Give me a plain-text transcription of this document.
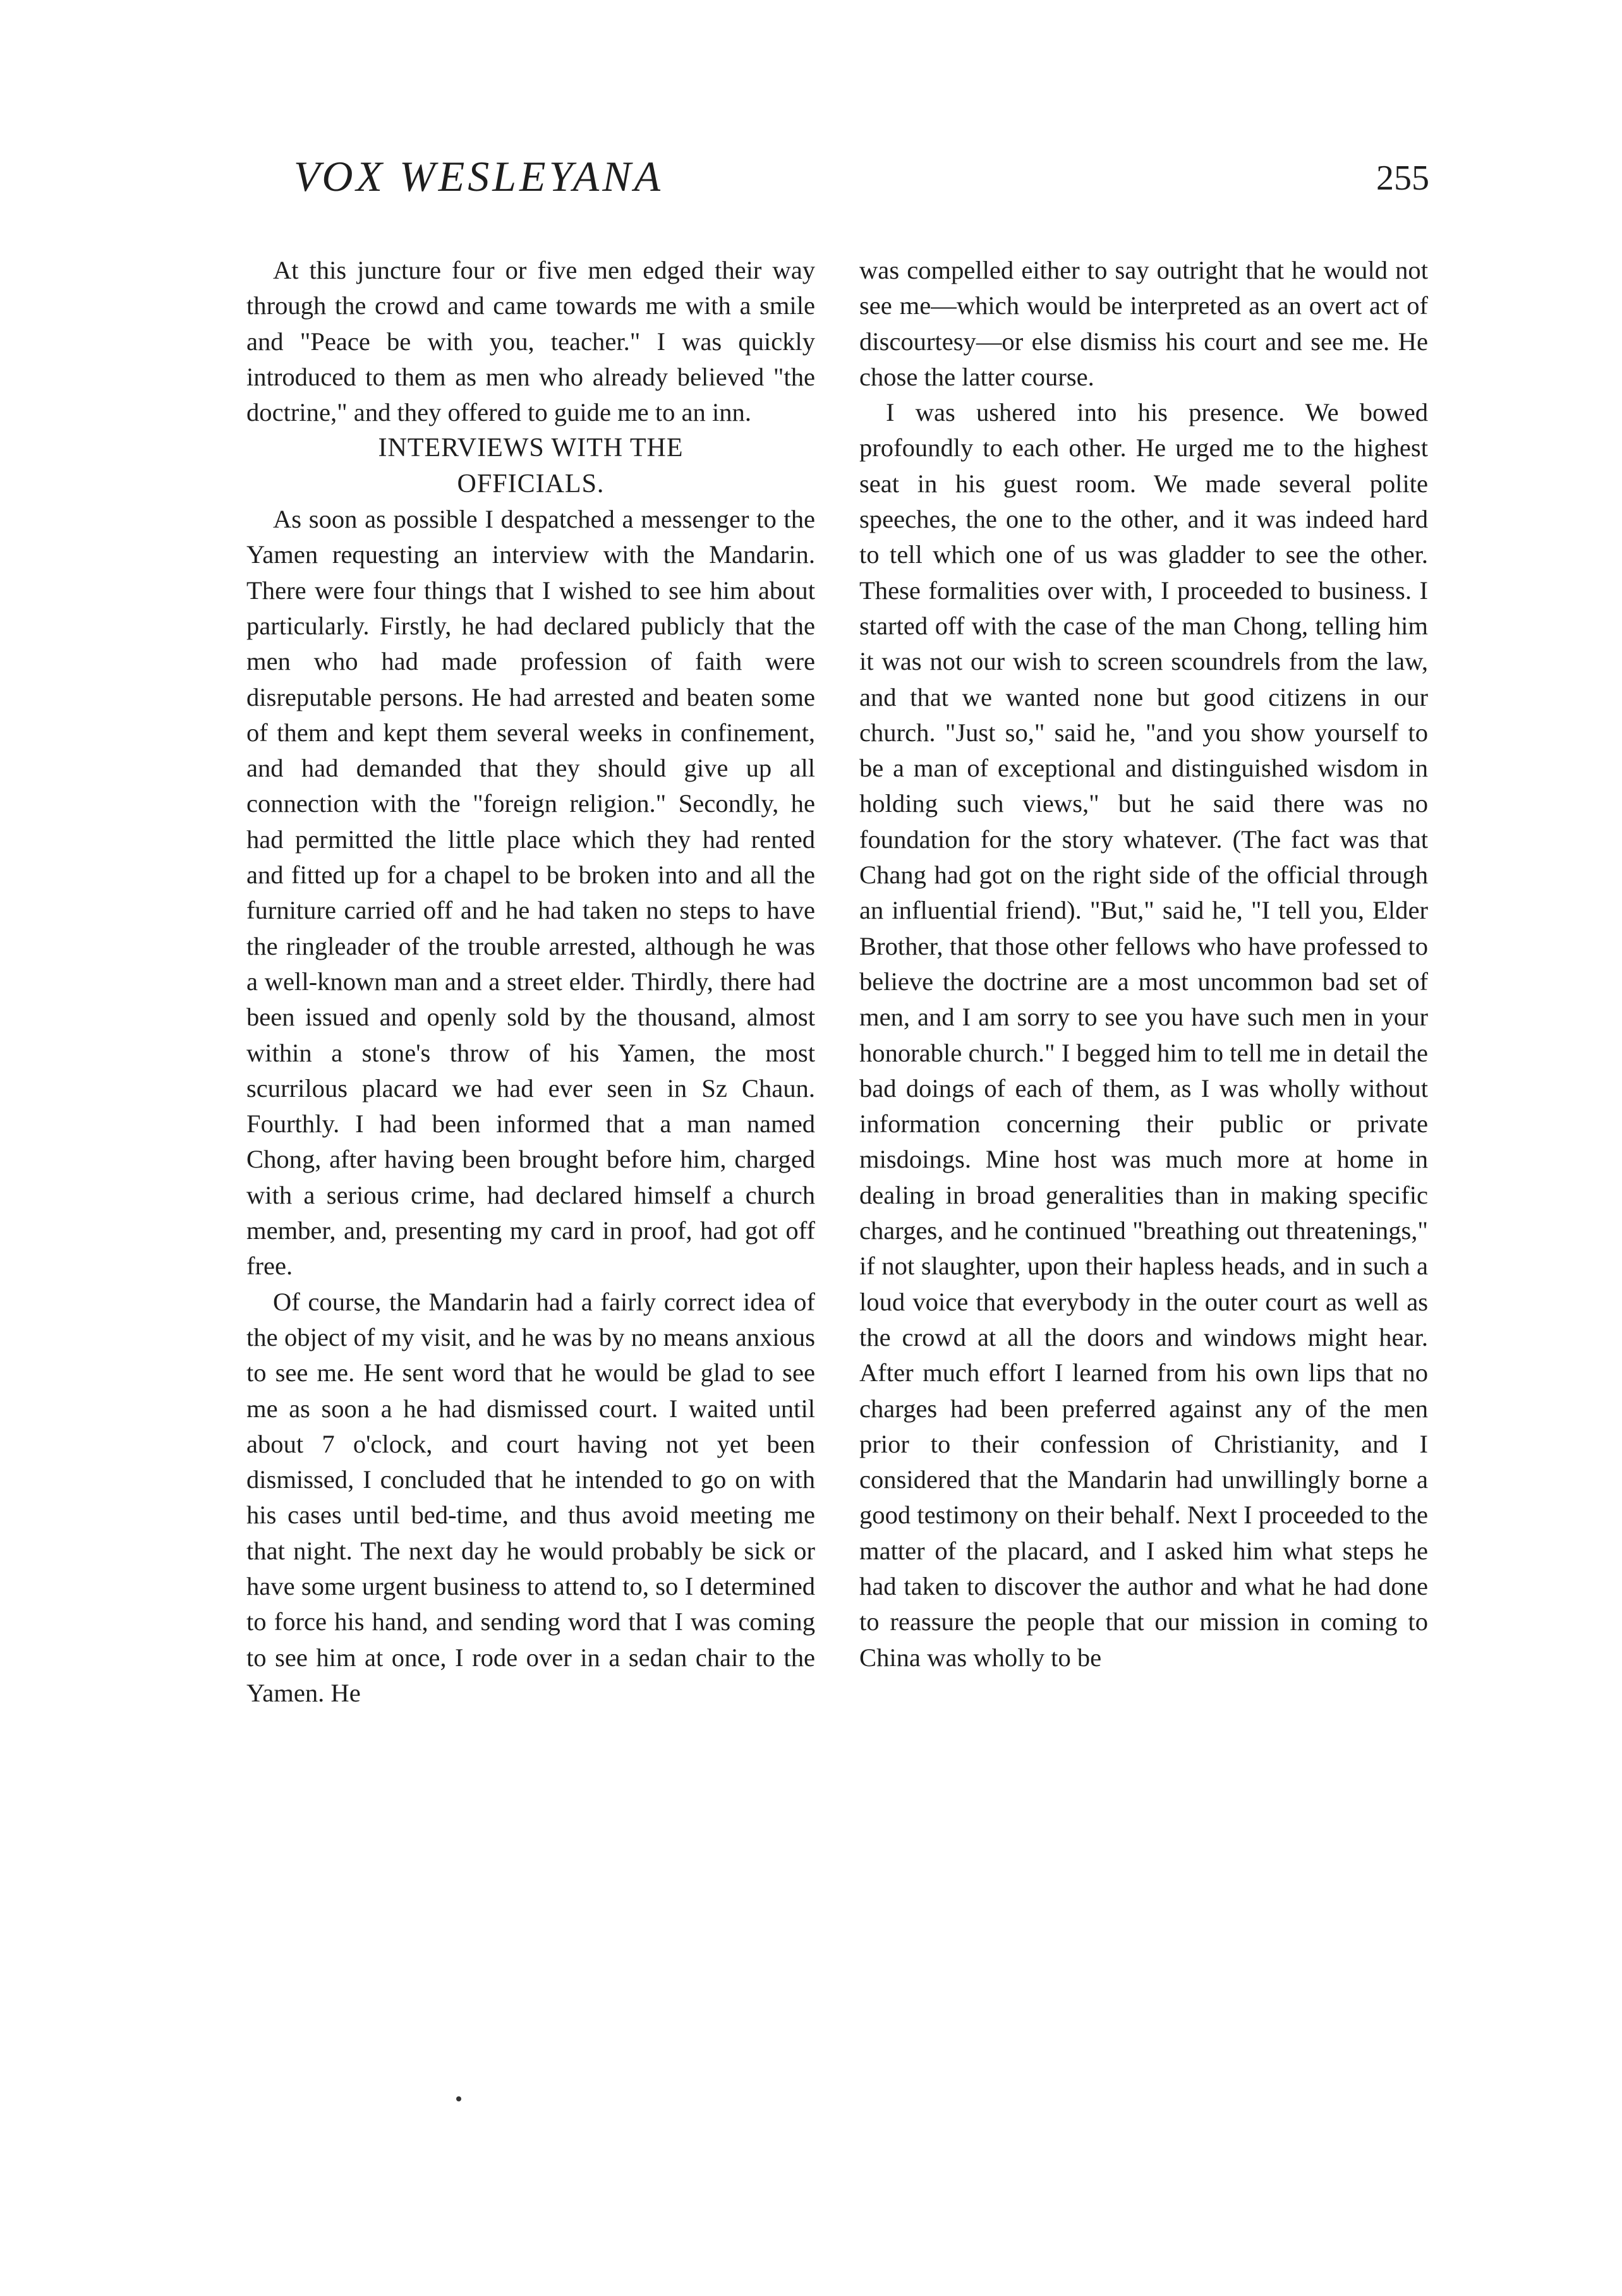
VOX WESLEYANA	255

At this juncture four or five men edged their way through the crowd and came towards me with a smile and "Peace be with you, teacher." I was quickly introduced to them as men who already believed "the doctrine," and they offered to guide me to an inn.

INTERVIEWS WITH THE
OFFICIALS.

As soon as possible I despatched a messenger to the Yamen requesting an interview with the Mandarin. There were four things that I wished to see him about particularly. Firstly, he had declared publicly that the men who had made profession of faith were disreputable persons. He had arrested and beaten some of them and kept them several weeks in confinement, and had demanded that they should give up all connection with the "foreign religion." Secondly, he had permitted the little place which they had rented and fitted up for a chapel to be broken into and all the furniture carried off and he had taken no steps to have the ringleader of the trouble arrested, although he was a well-known man and a street elder. Thirdly, there had been issued and openly sold by the thousand, almost within a stone's throw of his Yamen, the most scurrilous placard we had ever seen in Sz Chaun. Fourthly. I had been informed that a man named Chong, after having been brought before him, charged with a serious crime, had declared himself a church member, and, presenting my card in proof, had got off free.

Of course, the Mandarin had a fairly correct idea of the object of my visit, and he was by no means anxious to see me. He sent word that he would be glad to see me as soon a he had dismissed court. I waited until about 7 o'clock, and court having not yet been dismissed, I concluded that he intended to go on with his cases until bed-time, and thus avoid meeting me that night. The next day he would probably be sick or have some urgent business to attend to, so I determined to force his hand, and sending word that I was coming to see him at once, I rode over in a sedan chair to the Yamen. He

was compelled either to say outright that he would not see me—which would be interpreted as an overt act of discourtesy—or else dismiss his court and see me. He chose the latter course.

I was ushered into his presence. We bowed profoundly to each other. He urged me to the highest seat in his guest room. We made several polite speeches, the one to the other, and it was indeed hard to tell which one of us was gladder to see the other. These formalities over with, I proceeded to business. I started off with the case of the man Chong, telling him it was not our wish to screen scoundrels from the law, and that we wanted none but good citizens in our church. "Just so," said he, "and you show yourself to be a man of exceptional and distinguished wisdom in holding such views," but he said there was no foundation for the story whatever. (The fact was that Chang had got on the right side of the official through an influential friend). "But," said he, "I tell you, Elder Brother, that those other fellows who have professed to believe the doctrine are a most uncommon bad set of men, and I am sorry to see you have such men in your honorable church." I begged him to tell me in detail the bad doings of each of them, as I was wholly without information concerning their public or private misdoings. Mine host was much more at home in dealing in broad generalities than in making specific charges, and he continued "breathing out threatenings," if not slaughter, upon their hapless heads, and in such a loud voice that everybody in the outer court as well as the crowd at all the doors and windows might hear. After much effort I learned from his own lips that no charges had been preferred against any of the men prior to their confession of Christianity, and I considered that the Mandarin had unwillingly borne a good testimony on their behalf. Next I proceeded to the matter of the placard, and I asked him what steps he had taken to discover the author and what he had done to reassure the people that our mission in coming to China was wholly to be
